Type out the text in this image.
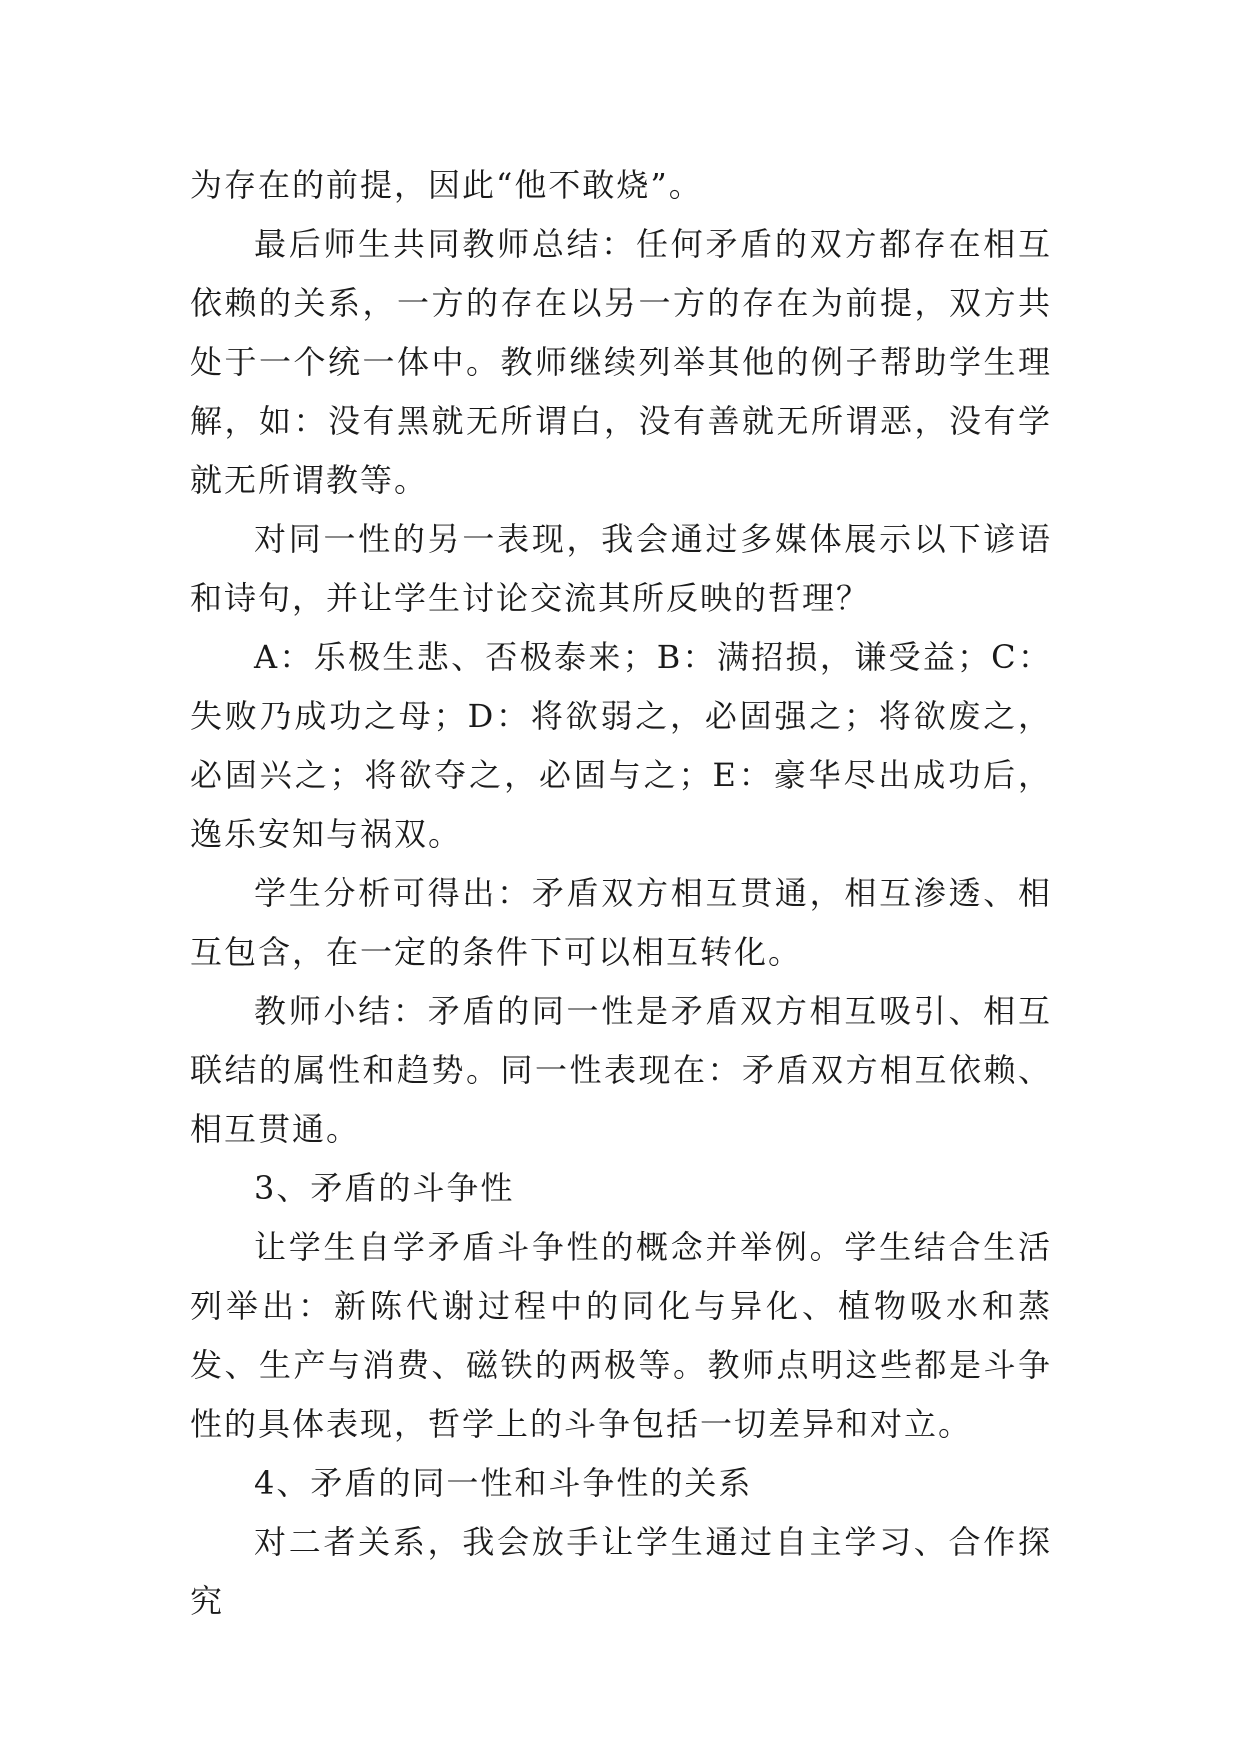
为存在的前提，因此“他不敢烧”。

最后师生共同教师总结：任何矛盾的双方都存在相互依赖的关系，一方的存在以另一方的存在为前提，双方共处于一个统一体中。教师继续列举其他的例子帮助学生理解，如：没有黑就无所谓白，没有善就无所谓恶，没有学就无所谓教等。

对同一性的另一表现，我会通过多媒体展示以下谚语和诗句，并让学生讨论交流其所反映的哲理？

A：乐极生悲、否极泰来；B：满招损，谦受益；C：失败乃成功之母；D：将欲弱之，必固强之；将欲废之，必固兴之；将欲夺之，必固与之；E：豪华尽出成功后，逸乐安知与祸双。

学生分析可得出：矛盾双方相互贯通，相互渗透、相互包含，在一定的条件下可以相互转化。

教师小结：矛盾的同一性是矛盾双方相互吸引、相互联结的属性和趋势。同一性表现在：矛盾双方相互依赖、相互贯通。

3、矛盾的斗争性

让学生自学矛盾斗争性的概念并举例。学生结合生活列举出：新陈代谢过程中的同化与异化、植物吸水和蒸发、生产与消费、磁铁的两极等。教师点明这些都是斗争性的具体表现，哲学上的斗争包括一切差异和对立。

4、矛盾的同一性和斗争性的关系

对二者关系，我会放手让学生通过自主学习、合作探究
